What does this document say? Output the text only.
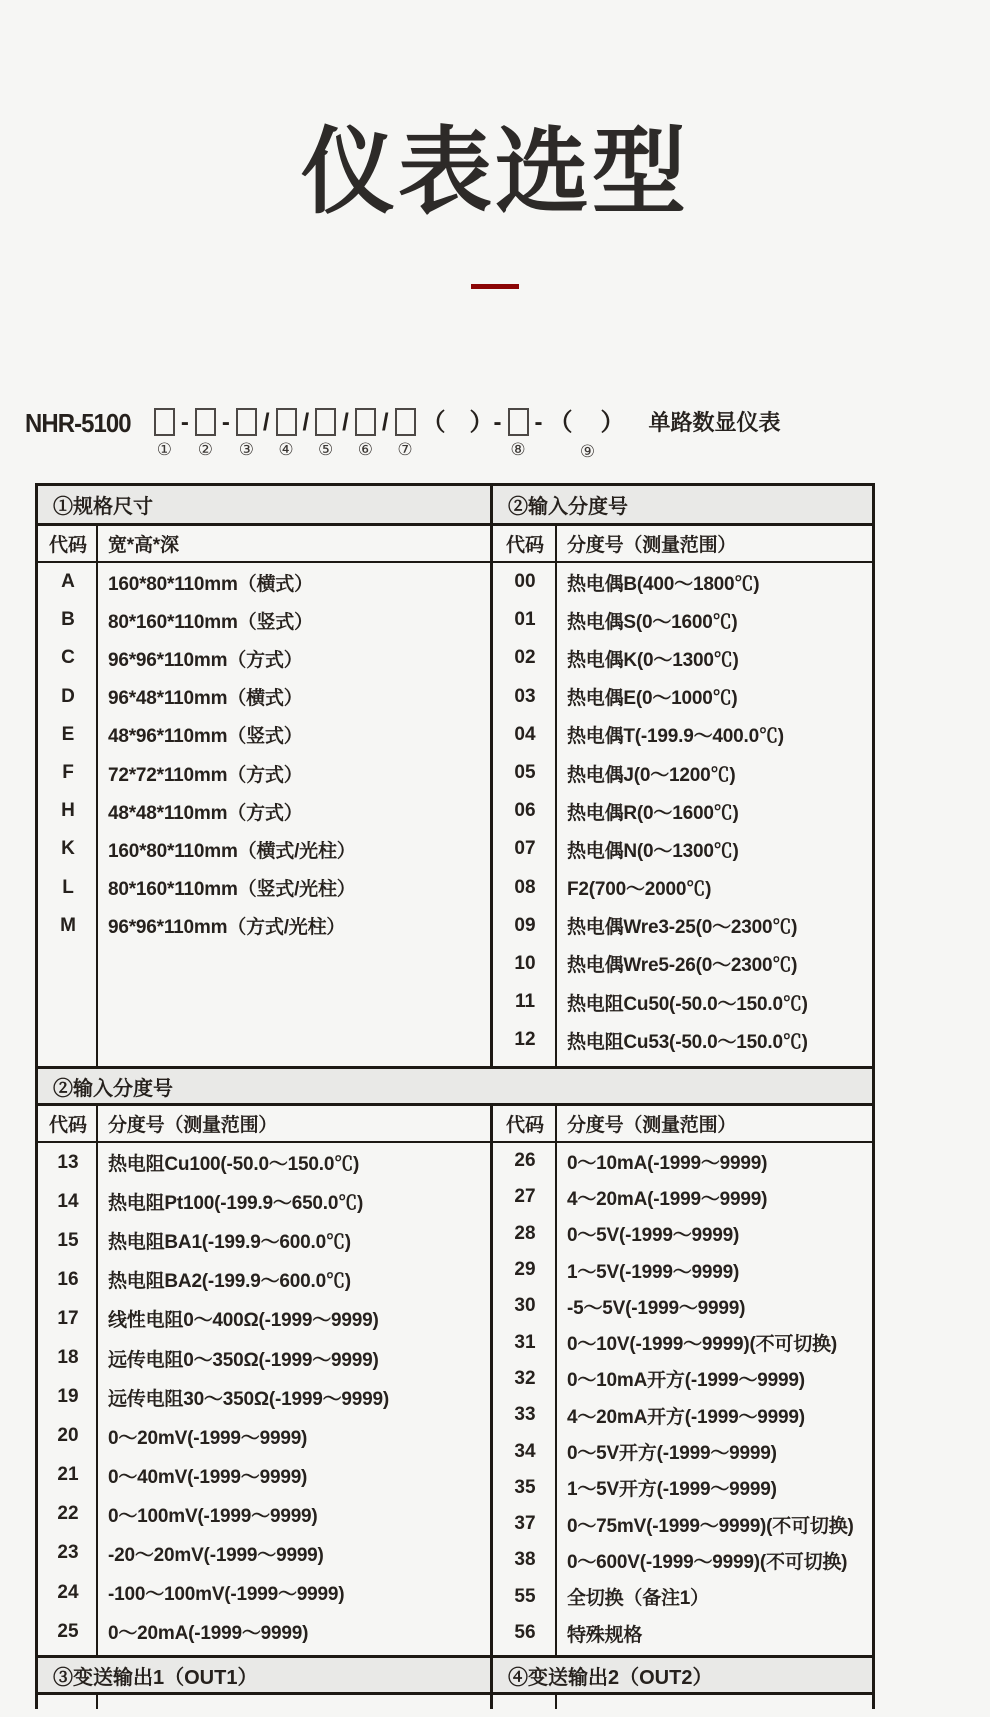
仪表选型
NHR-5100
①
-
②
-
③
/
④
/
⑤
/
⑥
/
⑦
（　）-
⑧
- （　）
⑨
单路数显仪表
①规格尺寸
代码	宽*高*深
A	160*80*110mm（横式）
B	80*160*110mm（竖式）
C	96*96*110mm（方式）
D	96*48*110mm（横式）
E	48*96*110mm（竖式）
F	72*72*110mm（方式）
H	48*48*110mm（方式）
K	160*80*110mm（横式/光柱）
L	80*160*110mm（竖式/光柱）
M	96*96*110mm（方式/光柱）
②输入分度号
代码	分度号（测量范围）
00	热电偶B(400～1800℃)
01	热电偶S(0～1600℃)
02	热电偶K(0～1300℃)
03	热电偶E(0～1000℃)
04	热电偶T(-199.9～400.0℃)
05	热电偶J(0～1200℃)
06	热电偶R(0～1600℃)
07	热电偶N(0～1300℃)
08	F2(700～2000℃)
09	热电偶Wre3-25(0～2300℃)
10	热电偶Wre5-26(0～2300℃)
11	热电阻Cu50(-50.0～150.0℃)
12	热电阻Cu53(-50.0～150.0℃)
②输入分度号
代码	分度号（测量范围）
13	热电阻Cu100(-50.0～150.0℃)
14	热电阻Pt100(-199.9～650.0℃)
15	热电阻BA1(-199.9～600.0℃)
16	热电阻BA2(-199.9～600.0℃)
17	线性电阻0～400Ω(-1999～9999)
18	远传电阻0～350Ω(-1999～9999)
19	远传电阻30～350Ω(-1999～9999)
20	0～20mV(-1999～9999)
21	0～40mV(-1999～9999)
22	0～100mV(-1999～9999)
23	-20～20mV(-1999～9999)
24	-100～100mV(-1999～9999)
25	0～20mA(-1999～9999)
代码	分度号（测量范围）
26	0～10mA(-1999～9999)
27	4～20mA(-1999～9999)
28	0～5V(-1999～9999)
29	1～5V(-1999～9999)
30	-5～5V(-1999～9999)
31	0～10V(-1999～9999)(不可切换)
32	0～10mA开方(-1999～9999)
33	4～20mA开方(-1999～9999)
34	0～5V开方(-1999～9999)
35	1～5V开方(-1999～9999)
37	0～75mV(-1999～9999)(不可切换)
38	0～600V(-1999～9999)(不可切换)
55	全切换（备注1）
56	特殊规格
③变送输出1（OUT1）	④变送输出2（OUT2）
